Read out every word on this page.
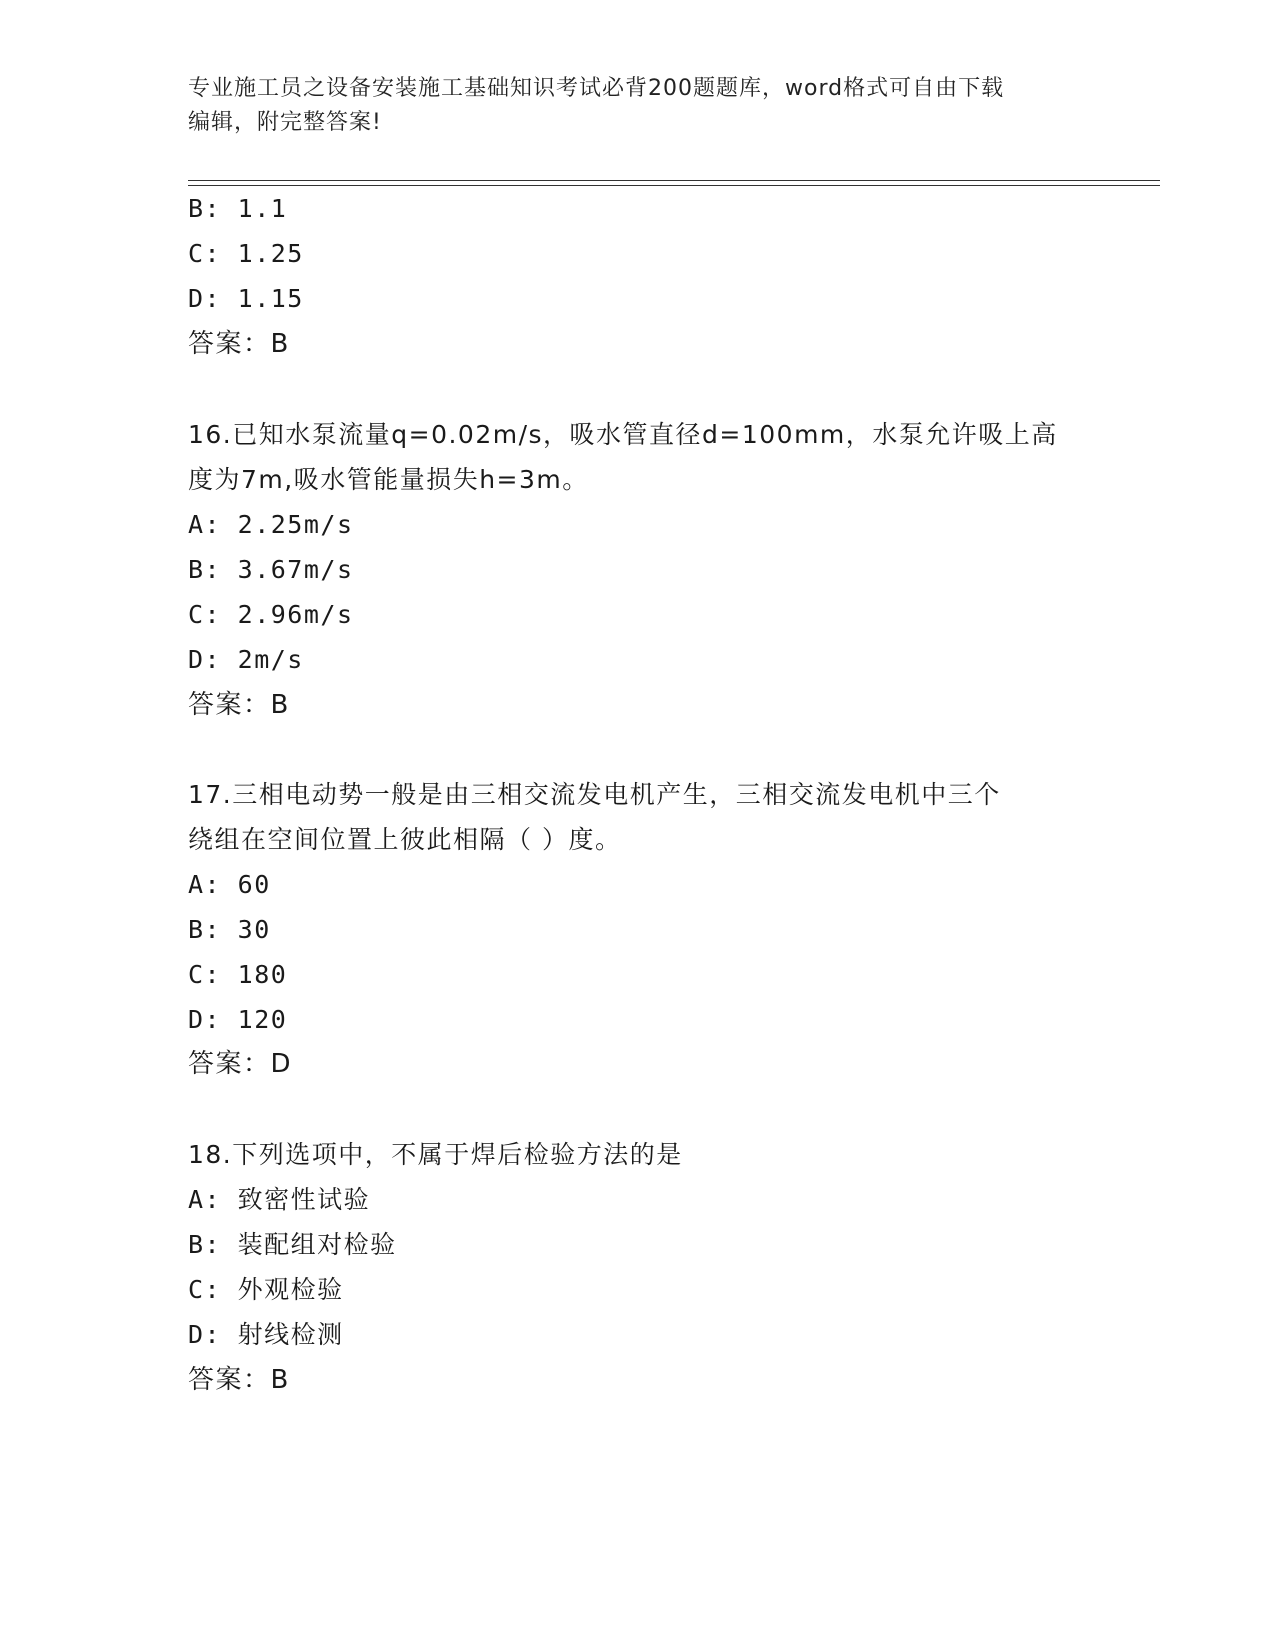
专业施工员之设备安装施工基础知识考试必背200题题库，word格式可自由下载
编辑，附完整答案!
B: 1.1
C: 1.25
D: 1.15
答案：B
16.已知水泵流量q=0.02m/s，吸水管直径d=100mm，水泵允许吸上高
度为7m,吸水管能量损失h=3m。
A: 2.25m/s
B: 3.67m/s
C: 2.96m/s
D: 2m/s
答案：B
17.三相电动势一般是由三相交流发电机产生，三相交流发电机中三个
绕组在空间位置上彼此相隔（ ）度。
A: 60
B: 30
C: 180
D: 120
答案：D
18.下列选项中，不属于焊后检验方法的是
A: 致密性试验
B: 装配组对检验
C: 外观检验
D: 射线检测
答案：B
